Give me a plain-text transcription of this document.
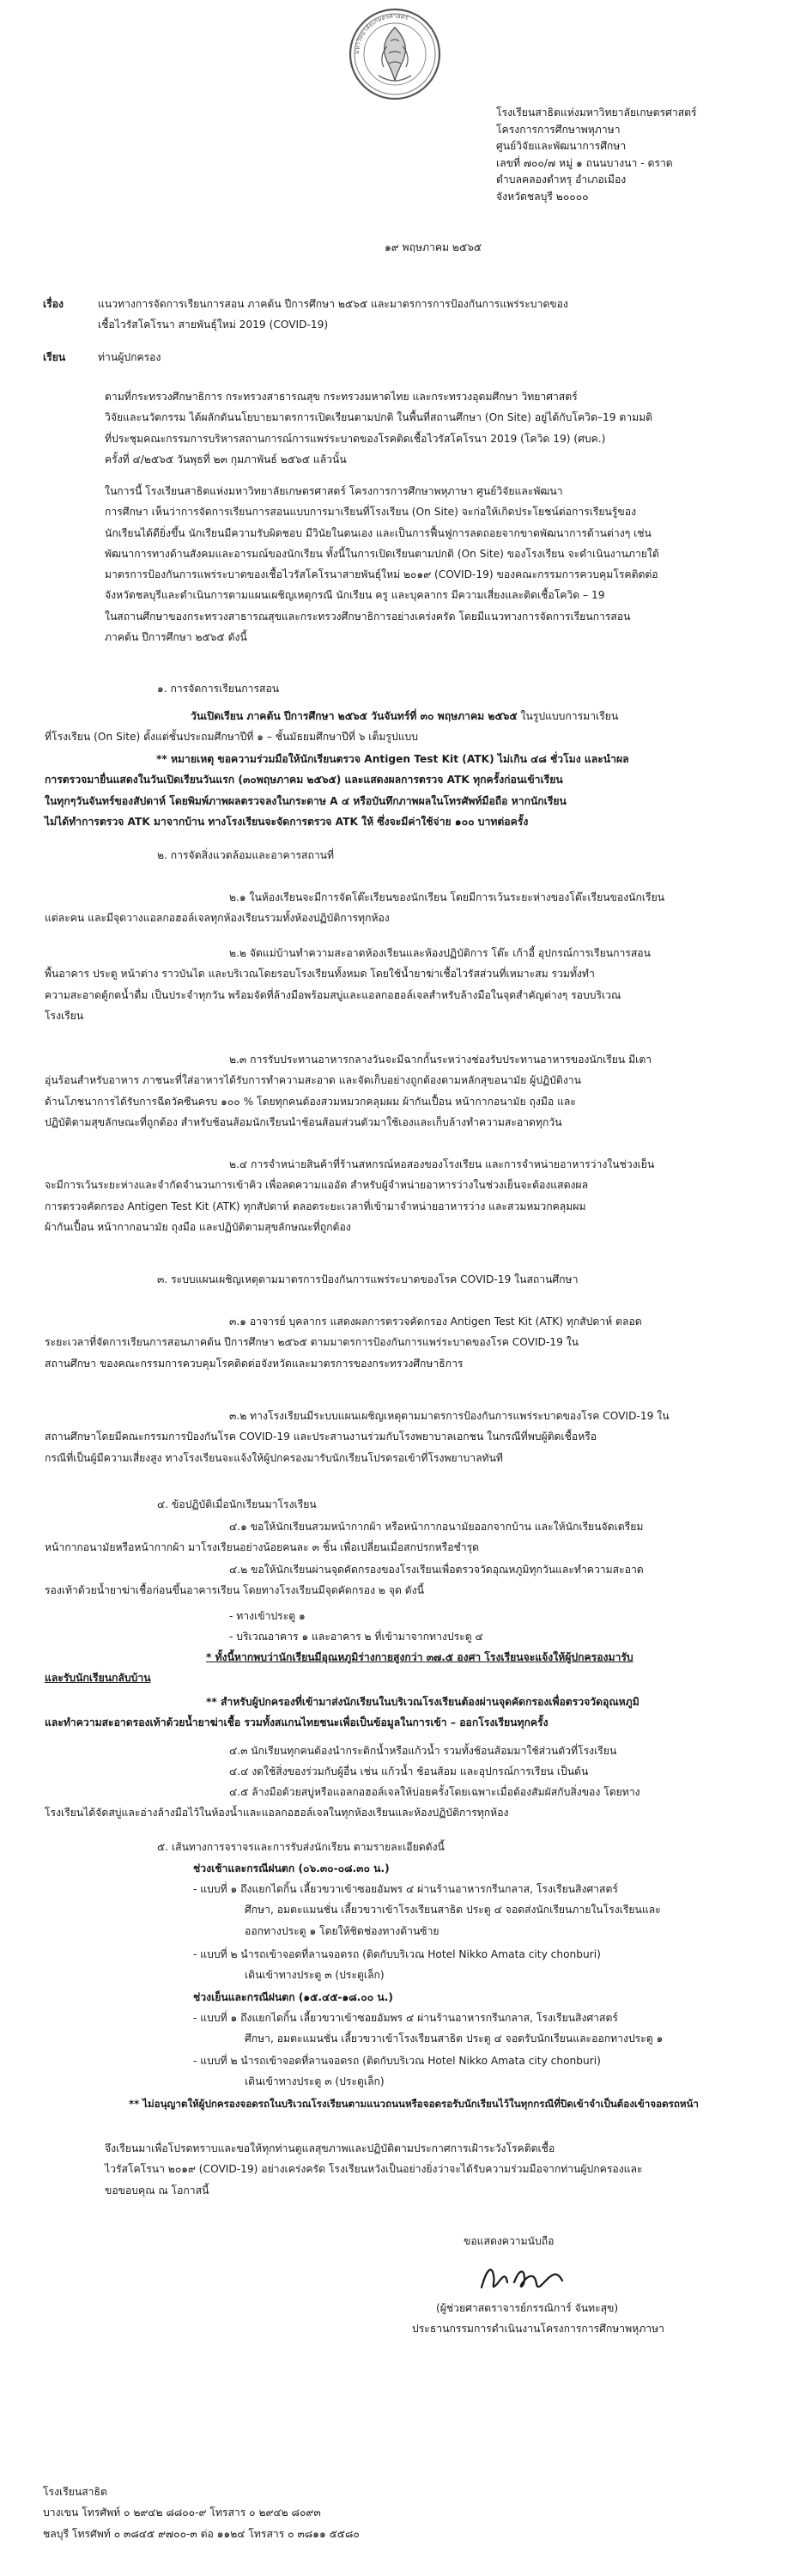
มหาวิทยาลัยเกษตรศาสตร์
โรงเรียนสาธิตแห่งมหาวิทยาลัยเกษตรศาสตร์
โครงการการศึกษาพหุภาษา
ศูนย์วิจัยและพัฒนาการศึกษา
เลขที่ ๗๐๐/๗ หมู่ ๑ ถนนบางนา - ตราด
ตำบลคลองตำหรุ อำเภอเมือง
จังหวัดชลบุรี ๒๐๐๐๐
๑๙ พฤษภาคม ๒๕๖๕
เรื่อง	แนวทางการจัดการเรียนการสอน ภาคต้น ปีการศึกษา ๒๕๖๕ และมาตรการการป้องกันการแพร่ระบาดของ
เชื้อไวรัสโคโรนา สายพันธุ์ใหม่ 2019 (COVID-19)
เรียน	ท่านผู้ปกครอง
ตามที่กระทรวงศึกษาธิการ กระทรวงสาธารณสุข กระทรวงมหาดไทย และกระทรวงอุดมศึกษา วิทยาศาสตร์
วิจัยและนวัตกรรม ได้ผลักดันนโยบายมาตรการเปิดเรียนตามปกติ ในพื้นที่สถานศึกษา (On Site) อยู่ได้กับโควิด–19 ตามมติ
ที่ประชุมคณะกรรมการบริหารสถานการณ์การแพร่ระบาดของโรคติดเชื้อไวรัสโคโรนา 2019 (โควิด 19) (ศบค.)
ครั้งที่ ๔/๒๕๖๕ วันพุธที่ ๒๓ กุมภาพันธ์ ๒๕๖๕ แล้วนั้น
ในการนี้ โรงเรียนสาธิตแห่งมหาวิทยาลัยเกษตรศาสตร์ โครงการการศึกษาพหุภาษา ศูนย์วิจัยและพัฒนา
การศึกษา เห็นว่าการจัดการเรียนการสอนแบบการมาเรียนที่โรงเรียน (On Site) จะก่อให้เกิดประโยชน์ต่อการเรียนรู้ของ
นักเรียนได้ดียิ่งขึ้น นักเรียนมีความรับผิดชอบ มีวินัยในตนเอง และเป็นการฟื้นฟูการลดถอยจากขาดพัฒนาการด้านต่างๆ เช่น
พัฒนาการทางด้านสังคมและอารมณ์ของนักเรียน ทั้งนี้ในการเปิดเรียนตามปกติ (On Site) ของโรงเรียน จะดำเนินงานภายใต้
มาตรการป้องกันการแพร่ระบาดของเชื้อไวรัสโคโรนาสายพันธุ์ใหม่ ๒๐๑๙ (COVID-19) ของคณะกรรมการควบคุมโรคติดต่อ
จังหวัดชลบุรีและดำเนินการตามแผนเผชิญเหตุกรณี นักเรียน ครู และบุคลากร มีความเสี่ยงและติดเชื้อโควิด – 19
ในสถานศึกษาของกระทรวงสาธารณสุขและกระทรวงศึกษาธิการอย่างเคร่งครัด โดยมีแนวทางการจัดการเรียนการสอน
ภาคต้น ปีการศึกษา ๒๕๖๕ ดังนี้
๑. การจัดการเรียนการสอน
วันเปิดเรียน ภาคต้น ปีการศึกษา ๒๕๖๕ วันจันทร์ที่ ๓๐ พฤษภาคม ๒๕๖๕ ในรูปแบบการมาเรียน
ที่โรงเรียน (On Site) ตั้งแต่ชั้นประถมศึกษาปีที่ ๑ – ชั้นมัธยมศึกษาปีที่ ๖ เต็มรูปแบบ
** หมายเหตุ ขอความร่วมมือให้นักเรียนตรวจ Antigen Test Kit (ATK) ไม่เกิน ๔๘ ชั่วโมง และนำผล
การตรวจมายื่นแสดงในวันเปิดเรียนวันแรก (๓๐พฤษภาคม ๒๕๖๕) และแสดงผลการตรวจ ATK ทุกครั้งก่อนเข้าเรียน
ในทุกๆวันจันทร์ของสัปดาห์ โดยพิมพ์ภาพผลตรวจลงในกระดาษ A ๔ หรือบันทึกภาพผลในโทรศัพท์มือถือ หากนักเรียน
ไม่ได้ทำการตรวจ ATK มาจากบ้าน ทางโรงเรียนจะจัดการตรวจ ATK ให้ ซึ่งจะมีค่าใช้จ่าย ๑๐๐ บาทต่อครั้ง
๒. การจัดสิ่งแวดล้อมและอาคารสถานที่
๒.๑ ในห้องเรียนจะมีการจัดโต๊ะเรียนของนักเรียน โดยมีการเว้นระยะห่างของโต๊ะเรียนของนักเรียน
แต่ละคน และมีจุดวางแอลกอฮอล์เจลทุกห้องเรียนรวมทั้งห้องปฏิบัติการทุกห้อง
๒.๒ จัดแม่บ้านทำความสะอาดห้องเรียนและห้องปฏิบัติการ โต๊ะ เก้าอี้ อุปกรณ์การเรียนการสอน
พื้นอาคาร ประตู หน้าต่าง ราวบันได และบริเวณโดยรอบโรงเรียนทั้งหมด โดยใช้น้ำยาฆ่าเชื้อไวรัสส่วนที่เหมาะสม รวมทั้งทำ
ความสะอาดตู้กดน้ำดื่ม เป็นประจำทุกวัน พร้อมจัดที่ล้างมือพร้อมสบู่และแอลกอฮอล์เจลสำหรับล้างมือในจุดสำคัญต่างๆ รอบบริเวณ
โรงเรียน
๒.๓ การรับประทานอาหารกลางวันจะมีฉากกั้นระหว่างช่องรับประทานอาหารของนักเรียน มีเตา
อุ่นร้อนสำหรับอาหาร ภาชนะที่ใส่อาหารได้รับการทำความสะอาด และจัดเก็บอย่างถูกต้องตามหลักสุขอนามัย ผู้ปฏิบัติงาน
ด้านโภชนาการได้รับการฉีดวัคซีนครบ ๑๐๐ % โดยทุกคนต้องสวมหมวกคลุมผม ผ้ากันเปื้อน หน้ากากอนามัย ถุงมือ และ
ปฏิบัติตามสุขลักษณะที่ถูกต้อง สำหรับช้อนส้อมนักเรียนนำช้อนส้อมส่วนตัวมาใช้เองและเก็บล้างทำความสะอาดทุกวัน
๒.๔ การจำหน่ายสินค้าที่ร้านสหกรณ์หอสองของโรงเรียน และการจำหน่ายอาหารว่างในช่วงเย็น
จะมีการเว้นระยะห่างและจำกัดจำนวนการเข้าคิว เพื่อลดความแออัด สำหรับผู้จำหน่ายอาหารว่างในช่วงเย็นจะต้องแสดงผล
การตรวจคัดกรอง Antigen Test Kit (ATK) ทุกสัปดาห์ ตลอดระยะเวลาที่เข้ามาจำหน่ายอาหารว่าง และสวมหมวกคลุมผม
ผ้ากันเปื้อน หน้ากากอนามัย ถุงมือ และปฏิบัติตามสุขลักษณะที่ถูกต้อง
๓. ระบบแผนเผชิญเหตุตามมาตรการป้องกันการแพร่ระบาดของโรค COVID-19 ในสถานศึกษา
๓.๑ อาจารย์ บุคลากร แสดงผลการตรวจคัดกรอง Antigen Test Kit (ATK) ทุกสัปดาห์ ตลอด
ระยะเวลาที่จัดการเรียนการสอนภาคต้น ปีการศึกษา ๒๕๖๕ ตามมาตรการป้องกันการแพร่ระบาดของโรค COVID-19 ใน
สถานศึกษา ของคณะกรรมการควบคุมโรคติดต่อจังหวัดและมาตรการของกระทรวงศึกษาธิการ
๓.๒ ทางโรงเรียนมีระบบแผนเผชิญเหตุตามมาตรการป้องกันการแพร่ระบาดของโรค COVID-19 ใน
สถานศึกษาโดยมีคณะกรรมการป้องกันโรค COVID-19 และประสานงานร่วมกับโรงพยาบาลเอกชน ในกรณีที่พบผู้ติดเชื้อหรือ
กรณีที่เป็นผู้มีความเสี่ยงสูง ทางโรงเรียนจะแจ้งให้ผู้ปกครองมารับนักเรียนโปรดรอเข้าที่โรงพยาบาลทันที
๔. ข้อปฏิบัติเมื่อนักเรียนมาโรงเรียน
๔.๑ ขอให้นักเรียนสวมหน้ากากผ้า หรือหน้ากากอนามัยออกจากบ้าน และให้นักเรียนจัดเตรียม
หน้ากากอนามัยหรือหน้ากากผ้า มาโรงเรียนอย่างน้อยคนละ ๓ ชิ้น เพื่อเปลี่ยนเมื่อสกปรกหรือชำรุด
๔.๒ ขอให้นักเรียนผ่านจุดคัดกรองของโรงเรียนเพื่อตรวจวัดอุณหภูมิทุกวันและทำความสะอาด
รองเท้าด้วยน้ำยาฆ่าเชื้อก่อนขึ้นอาคารเรียน โดยทางโรงเรียนมีจุดคัดกรอง ๒ จุด ดังนี้
- ทางเข้าประตู ๑
- บริเวณอาคาร ๑ และอาคาร ๒ ที่เข้ามาจากทางประตู ๔
* ทั้งนี้หากพบว่านักเรียนมีอุณหภูมิร่างกายสูงกว่า ๓๗.๕ องศา โรงเรียนจะแจ้งให้ผู้ปกครองมารับ
และรับนักเรียนกลับบ้าน
** สำหรับผู้ปกครองที่เข้ามาส่งนักเรียนในบริเวณโรงเรียนต้องผ่านจุดคัดกรองเพื่อตรวจวัดอุณหภูมิ
และทำความสะอาดรองเท้าด้วยน้ำยาฆ่าเชื้อ รวมทั้งสแกนไทยชนะเพื่อเป็นข้อมูลในการเข้า – ออกโรงเรียนทุกครั้ง
๔.๓ นักเรียนทุกคนต้องนำกระติกน้ำหรือแก้วน้ำ รวมทั้งช้อนส้อมมาใช้ส่วนตัวที่โรงเรียน
๔.๔ งดใช้สิ่งของร่วมกับผู้อื่น เช่น แก้วน้ำ ช้อนส้อม และอุปกรณ์การเรียน เป็นต้น
๔.๕ ล้างมือด้วยสบู่หรือแอลกอฮอล์เจลให้บ่อยครั้งโดยเฉพาะเมื่อต้องสัมผัสกับสิ่งของ โดยทาง
โรงเรียนได้จัดสบู่และอ่างล้างมือไว้ในห้องน้ำและแอลกอฮอล์เจลในทุกห้องเรียนและห้องปฏิบัติการทุกห้อง
๕. เส้นทางการจราจรและการรับส่งนักเรียน ตามรายละเอียดดังนี้
ช่วงเช้าและกรณีฝนตก (๐๖.๓๐-๐๘.๓๐ น.)
- แบบที่ ๑ ถึงแยกไดกิ้น เลี้ยวขวาเข้าซอยอัมพร ๔ ผ่านร้านอาหารกรีนกลาส, โรงเรียนสิงศาสตร์
ศึกษา, อมตะแมนชั่น เลี้ยวขวาเข้าโรงเรียนสาธิต ประตู ๔ จอดส่งนักเรียนภายในโรงเรียนและ
ออกทางประตู ๑ โดยให้ชิดช่องทางด้านซ้าย
- แบบที่ ๒ นำรถเข้าจอดที่ลานจอดรถ (ติดกับบริเวณ Hotel Nikko Amata city chonburi)
เดินเข้าทางประตู ๓ (ประตูเล็ก)
ช่วงเย็นและกรณีฝนตก (๑๕.๔๕-๑๘.๐๐ น.)
- แบบที่ ๑ ถึงแยกไดกิ้น เลี้ยวขวาเข้าซอยอัมพร ๔ ผ่านร้านอาหารกรีนกลาส, โรงเรียนสิงศาสตร์
ศึกษา, อมตะแมนชั่น เลี้ยวขวาเข้าโรงเรียนสาธิต ประตู ๔ จอดรับนักเรียนและออกทางประตู ๑
- แบบที่ ๒ นำรถเข้าจอดที่ลานจอดรถ (ติดกับบริเวณ Hotel Nikko Amata city chonburi)
เดินเข้าทางประตู ๓ (ประตูเล็ก)
** ไม่อนุญาตให้ผู้ปกครองจอดรถในบริเวณโรงเรียนตามแนวถนนหรือจอดรอรับนักเรียนไว้ในทุกกรณีที่ปิดเข้าจำเป็นต้องเข้าจอดรถหน้า
จึงเรียนมาเพื่อโปรดทราบและขอให้ทุกท่านดูแลสุขภาพและปฏิบัติตามประกาศการเฝ้าระวังโรคติดเชื้อ
ไวรัสโคโรนา ๒๐๑๙ (COVID-19) อย่างเคร่งครัด โรงเรียนหวังเป็นอย่างยิ่งว่าจะได้รับความร่วมมือจากท่านผู้ปกครองและ
ขอขอบคุณ ณ โอกาสนี้
ขอแสดงความนับถือ
(ผู้ช่วยศาสตราจารย์กรรณิการ์ จันทะสุข)
ประธานกรรมการดำเนินงานโครงการการศึกษาพหุภาษา
โรงเรียนสาธิต
บางเขน โทรศัพท์ ๐ ๒๙๔๒ ๘๘๐๐-๙ โทรสาร ๐ ๒๙๔๒ ๘๐๙๓
ชลบุรี โทรศัพท์ ๐ ๓๘๔๕ ๙๗๐๐-๓ ต่อ ๑๑๒๔ โทรสาร ๐ ๓๘๑๑ ๕๕๘๐
